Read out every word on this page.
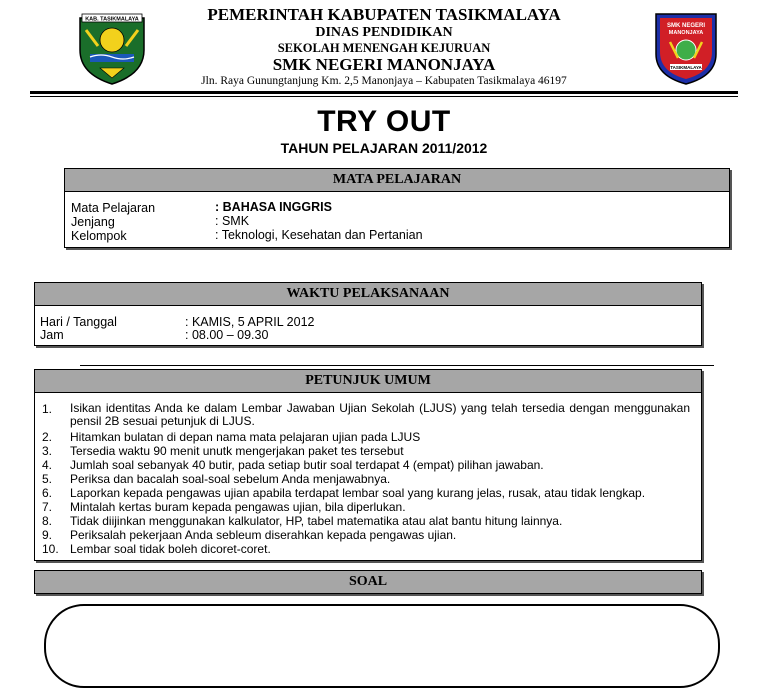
KAB. TASIKMALAYA
SMK NEGERI
MANONJAYA
TASIKMALAYA
PEMERINTAH KABUPATEN TASIKMALAYA
DINAS PENDIDIKAN
SEKOLAH MENENGAH KEJURUAN
SMK NEGERI MANONJAYA
Jln. Raya Gunungtanjung Km. 2,5 Manonjaya – Kabupaten Tasikmalaya 46197
TRY OUT
TAHUN PELAJARAN 2011/2012
MATA PELAJARAN
Mata Pelajaran	: BAHASA INGGRIS
Jenjang	: SMK
Kelompok	: Teknologi, Kesehatan dan Pertanian
WAKTU PELAKSANAAN
Hari / Tanggal	: KAMIS, 5 APRIL 2012
Jam	: 08.00 – 09.30
PETUNJUK UMUM
1. Isikan identitas Anda ke dalam Lembar Jawaban Ujian Sekolah (LJUS) yang telah tersedia dengan menggunakan pensil 2B sesuai petunjuk di LJUS.
2. Hitamkan bulatan di depan nama mata pelajaran ujian pada LJUS
3. Tersedia waktu 90 menit unutk mengerjakan paket tes tersebut
4. Jumlah soal sebanyak 40 butir, pada setiap butir soal terdapat 4 (empat) pilihan jawaban.
5. Periksa dan bacalah soal-soal sebelum Anda menjawabnya.
6. Laporkan kepada pengawas ujian apabila terdapat lembar soal yang kurang jelas, rusak, atau tidak lengkap.
7. Mintalah kertas buram kepada pengawas ujian, bila diperlukan.
8. Tidak diijinkan menggunakan kalkulator, HP, tabel matematika atau alat bantu hitung lainnya.
9. Periksalah pekerjaan Anda sebleum diserahkan kepada pengawas ujian.
10. Lembar soal tidak boleh dicoret-coret.
SOAL
